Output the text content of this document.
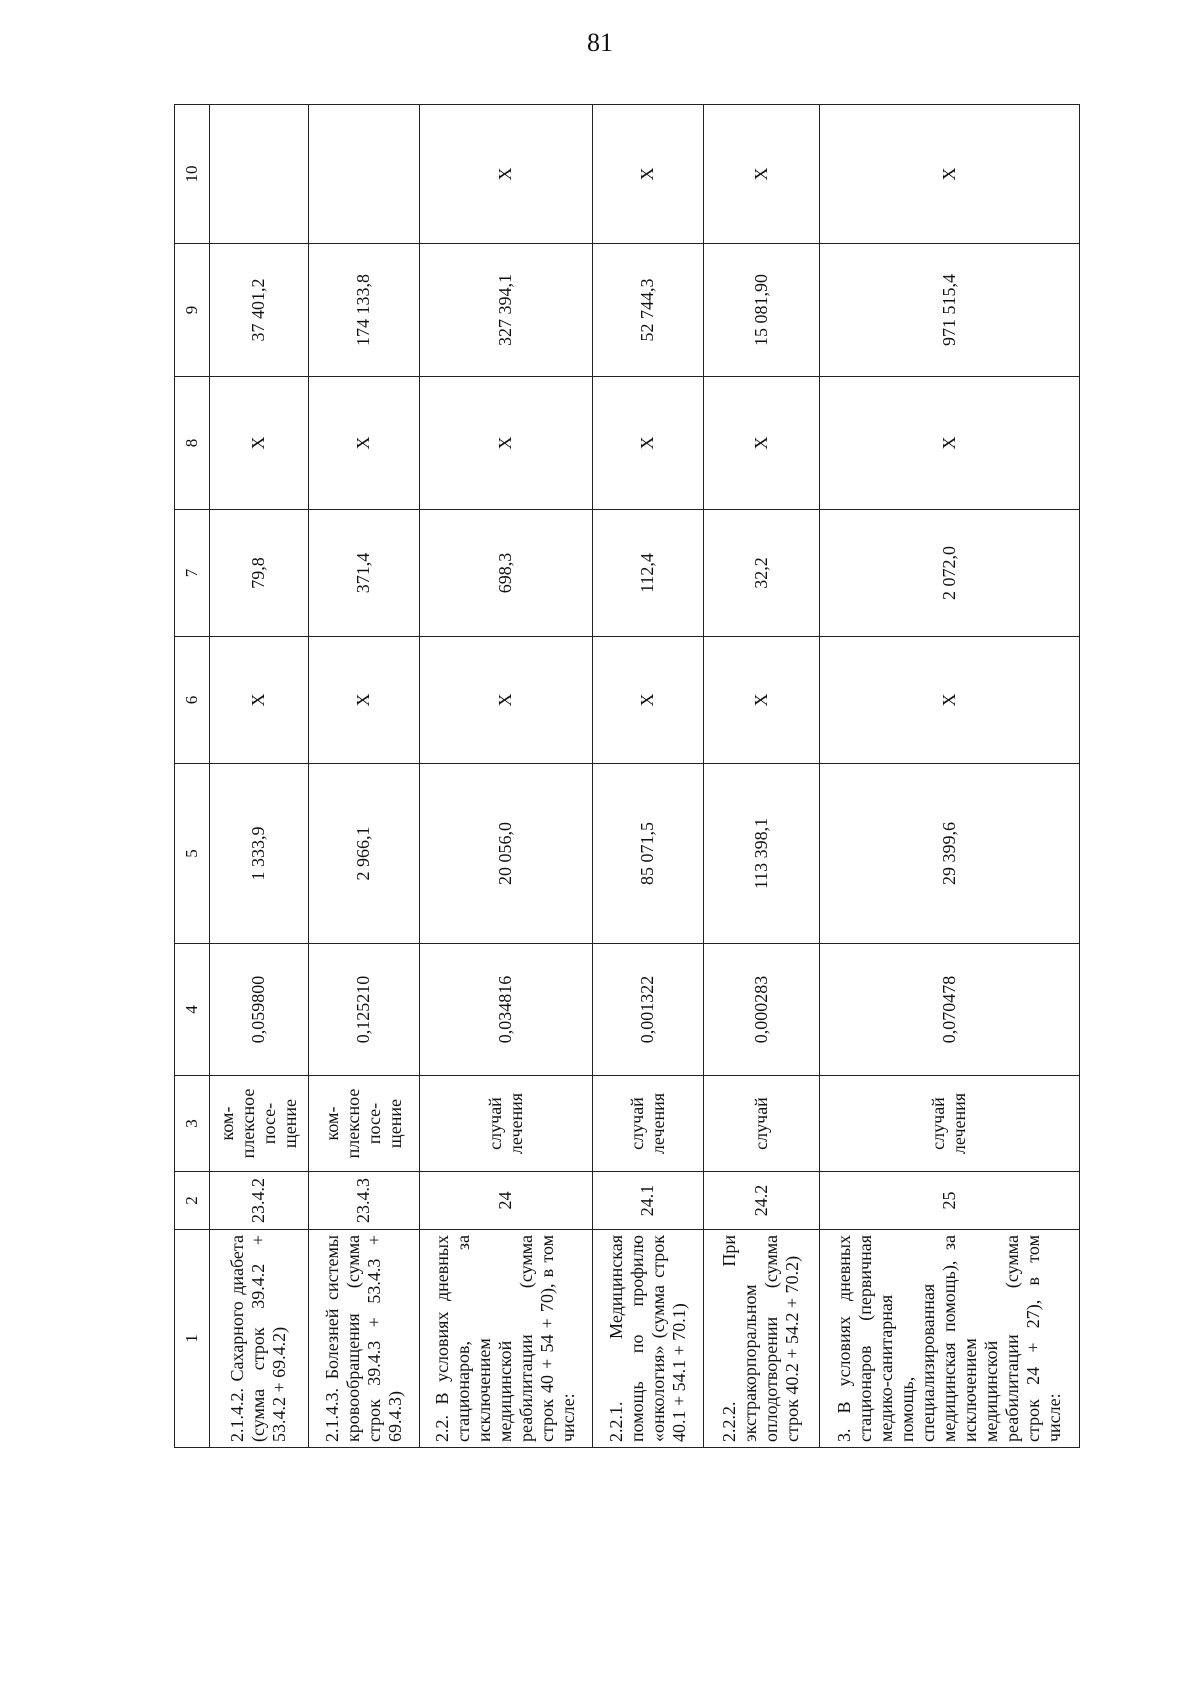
81
1	2	3	4	5	6	7	8	9	10
2.1.4.2. Сахарного диабета (сумма строк 39.4.2 + 53.4.2 + 69.4.2)	23.4.2	ком-плексное посе-щение	0,059800	1 333,9	X	79,8	X	37 401,2	
2.1.4.3. Болезней системы кровообращения (сумма строк 39.4.3 + 53.4.3 + 69.4.3)	23.4.3	ком-плексное посе-щение	0,125210	2 966,1	X	371,4	X	174 133,8	
2.2. В условиях дневных стационаров, за исключением медицинской реабилитации (сумма строк 40 + 54 + 70), в том числе:	24	случай лечения	0,034816	20 056,0	X	698,3	X	327 394,1	X
2.2.1. Медицинская помощь по профилю «онкология» (сумма строк 40.1 + 54.1 + 70.1)	24.1	случай лечения	0,001322	85 071,5	X	112,4	X	52 744,3	X
2.2.2. При экстракорпоральном оплодотворении (сумма строк 40.2 + 54.2 + 70.2)	24.2	случай	0,000283	113 398,1	X	32,2	X	15 081,90	X
3. В условиях дневных стационаров (первичная медико-санитарная помощь, специализированная медицинская помощь), за исключением медицинской реабилитации (сумма строк 24 + 27), в том числе:	25	случай лечения	0,070478	29 399,6	X	2 072,0	X	971 515,4	X
